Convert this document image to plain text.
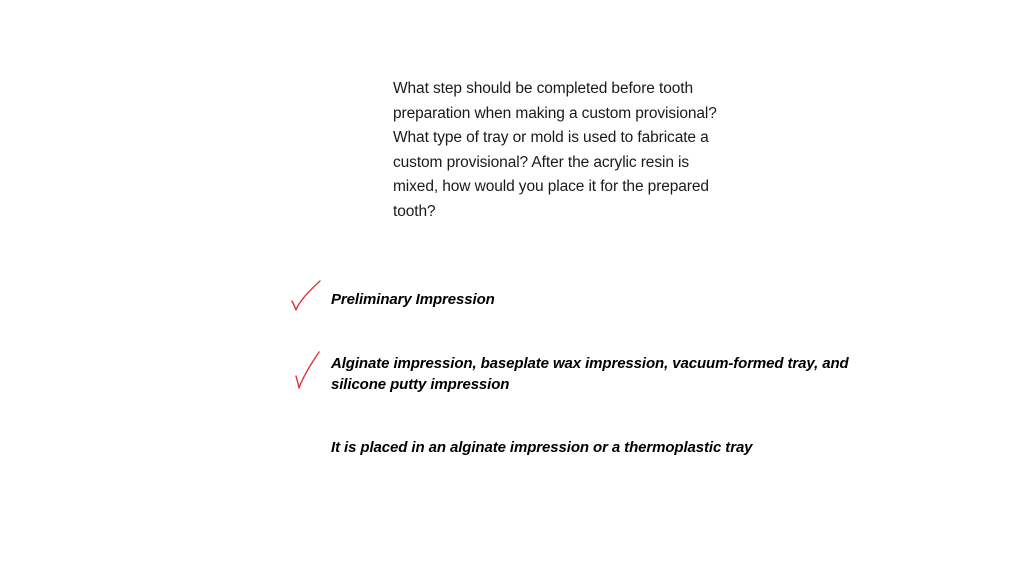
What step should be completed before tooth
preparation when making a custom provisional?
What type of tray or mold is used to fabricate a
custom provisional? After the acrylic resin is
mixed, how would you place it for the prepared
tooth?
Preliminary Impression
Alginate impression, baseplate wax impression, vacuum-formed tray, and silicone putty impression
It is placed in an alginate impression or a thermoplastic tray
